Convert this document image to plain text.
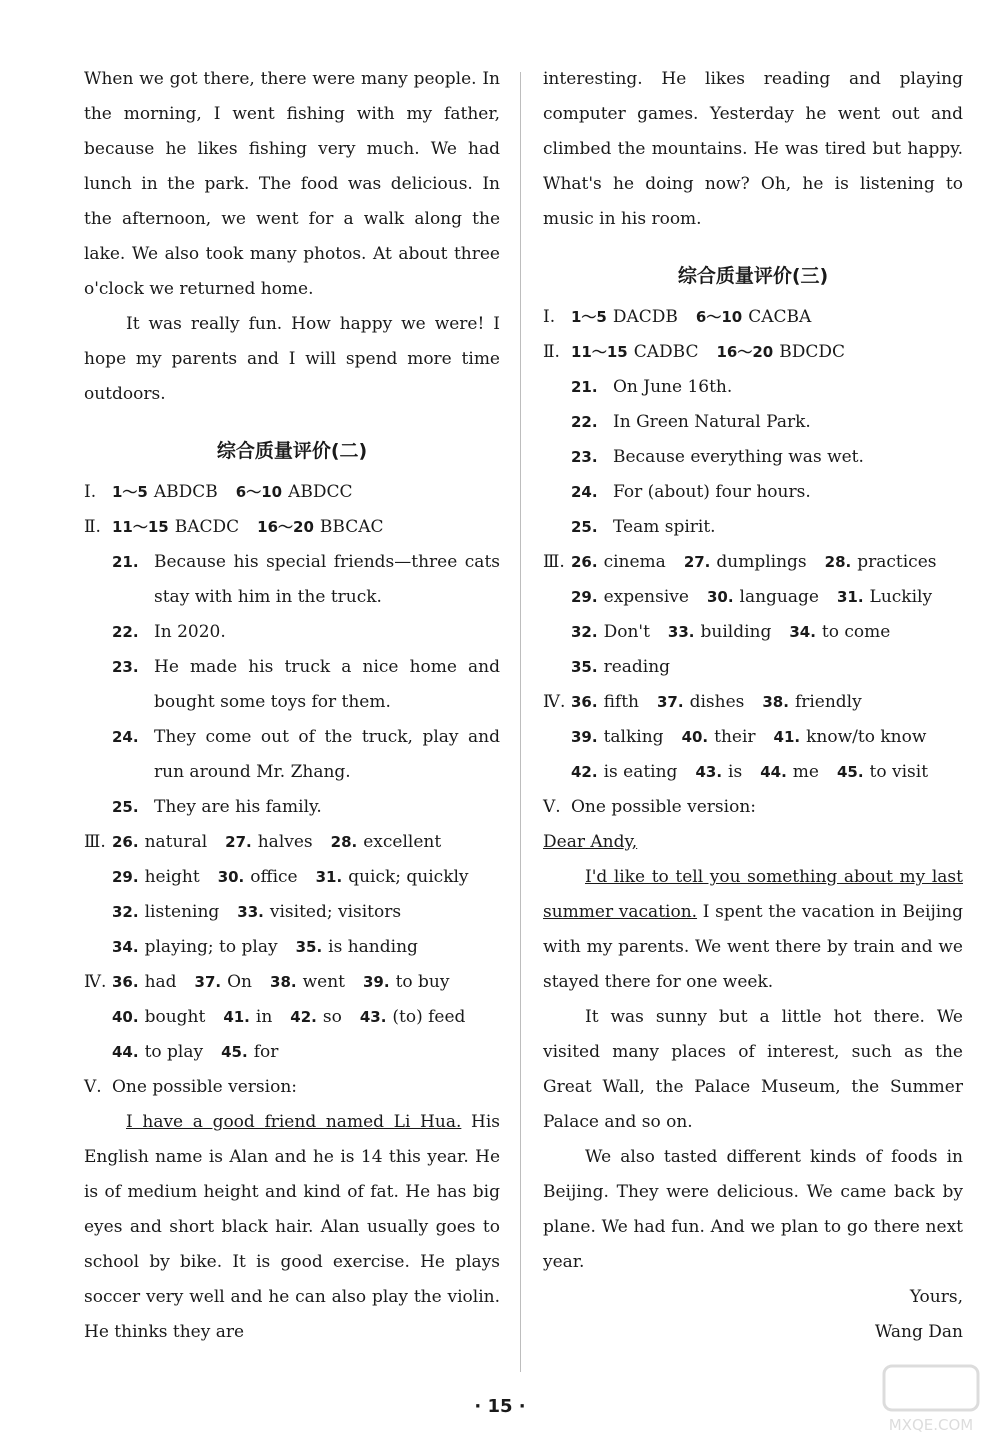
When we got there, there were many people. In the morning, I went fishing with my father, because he likes fishing very much. We had lunch in the park. The food was delicious. In the afternoon, we went for a walk along the lake. We also took many photos. At about three o'clock we returned home.

It was really fun. How happy we were! I hope my parents and I will spend more time outdoors.

综合质量评价(二)
Ⅰ. 1～5 ABDCB 6～10 ABDCC
Ⅱ. 11～15 BACDC 16～20 BBCAC
21. Because his special friends—three cats stay with him in the truck.
22. In 2020.
23. He made his truck a nice home and bought some toys for them.
24. They come out of the truck, play and run around Mr. Zhang.
25. They are his family.
Ⅲ. 26. natural 27. halves 28. excellent
29. height 30. office 31. quick; quickly
32. listening 33. visited; visitors
34. playing; to play 35. is handing
Ⅳ. 36. had 37. On 38. went 39. to buy
40. bought 41. in 42. so 43. (to) feed
44. to play 45. for
Ⅴ. One possible version:

I have a good friend named Li Hua. His English name is Alan and he is 14 this year. He is of medium height and kind of fat. He has big eyes and short black hair. Alan usually goes to school by bike. It is good exercise. He plays soccer very well and he can also play the violin. He thinks they are

interesting. He likes reading and playing computer games. Yesterday he went out and climbed the mountains. He was tired but happy. What's he doing now? Oh, he is listening to music in his room.

综合质量评价(三)
Ⅰ. 1～5 DACDB 6～10 CACBA
Ⅱ. 11～15 CADBC 16～20 BDCDC
21. On June 16th.
22. In Green Natural Park.
23. Because everything was wet.
24. For (about) four hours.
25. Team spirit.
Ⅲ. 26. cinema 27. dumplings 28. practices
29. expensive 30. language 31. Luckily
32. Don't 33. building 34. to come
35. reading
Ⅳ. 36. fifth 37. dishes 38. friendly
39. talking 40. their 41. know/to know
42. is eating 43. is 44. me 45. to visit
Ⅴ. One possible version:

Dear Andy,

I'd like to tell you something about my last summer vacation. I spent the vacation in Beijing with my parents. We went there by train and we stayed there for one week.

It was sunny but a little hot there. We visited many places of interest, such as the Great Wall, the Palace Museum, the Summer Palace and so on.

We also tasted different kinds of foods in Beijing. They were delicious. We came back by plane. We had fun. And we plan to go there next year.

Yours,

Wang Dan

· 15 ·
MXQE.COM
